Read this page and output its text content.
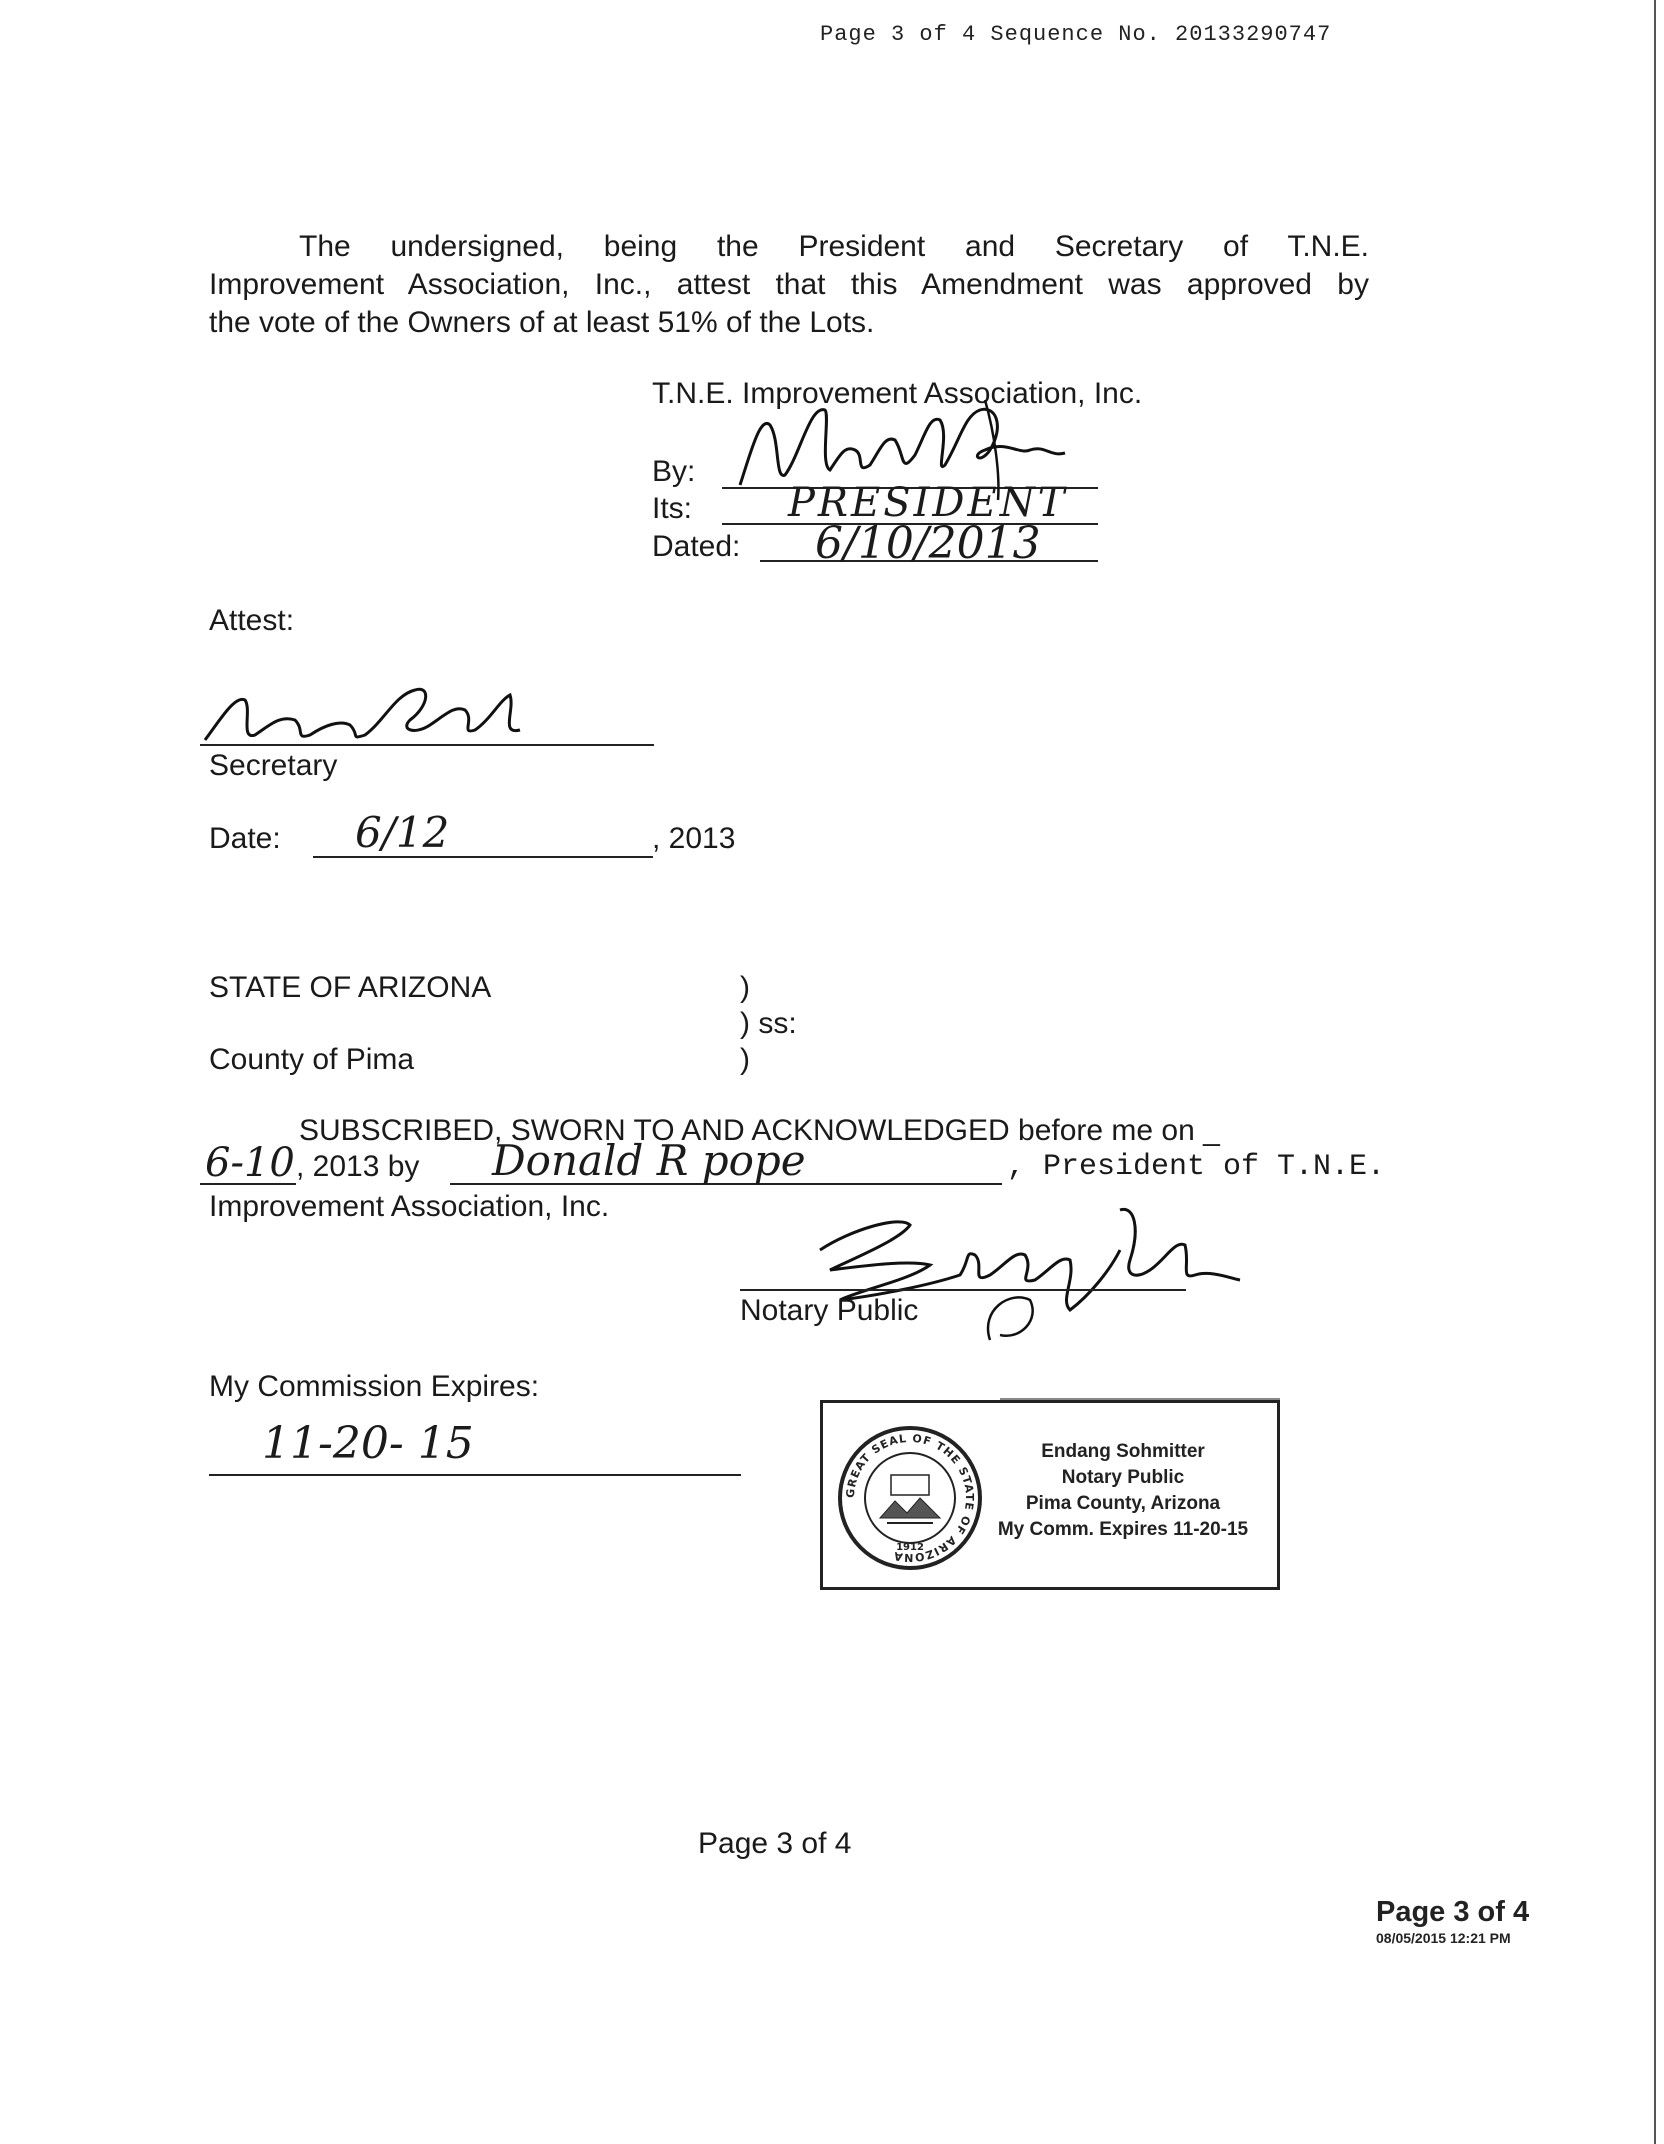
Page 3 of 4 Sequence No. 20133290747
The undersigned, being the President and Secretary of T.N.E.
Improvement Association, Inc., attest that this Amendment was approved by
the vote of the Owners of at least 51% of the Lots.
T.N.E. Improvement Association, Inc.
By:
Its: PRESIDENT
Dated: 6/10/2013
Attest:
Secretary
Date: 6/12	, 2013
STATE OF ARIZONA	)
) ss:
County of Pima	)
SUBSCRIBED, SWORN TO AND ACKNOWLEDGED before me on _
6-10 , 2013 by Donald R pope	, President of T.N.E.
Improvement Association, Inc.
Notary Public
My Commission Expires:
11-20- 15
GREAT SEAL OF THE STATE OF ARIZONA
1912
Endang Sohmitter
Notary Public
Pima County, Arizona
My Comm. Expires 11-20-15
Page 3 of 4
Page 3 of 4
08/05/2015 12:21 PM
